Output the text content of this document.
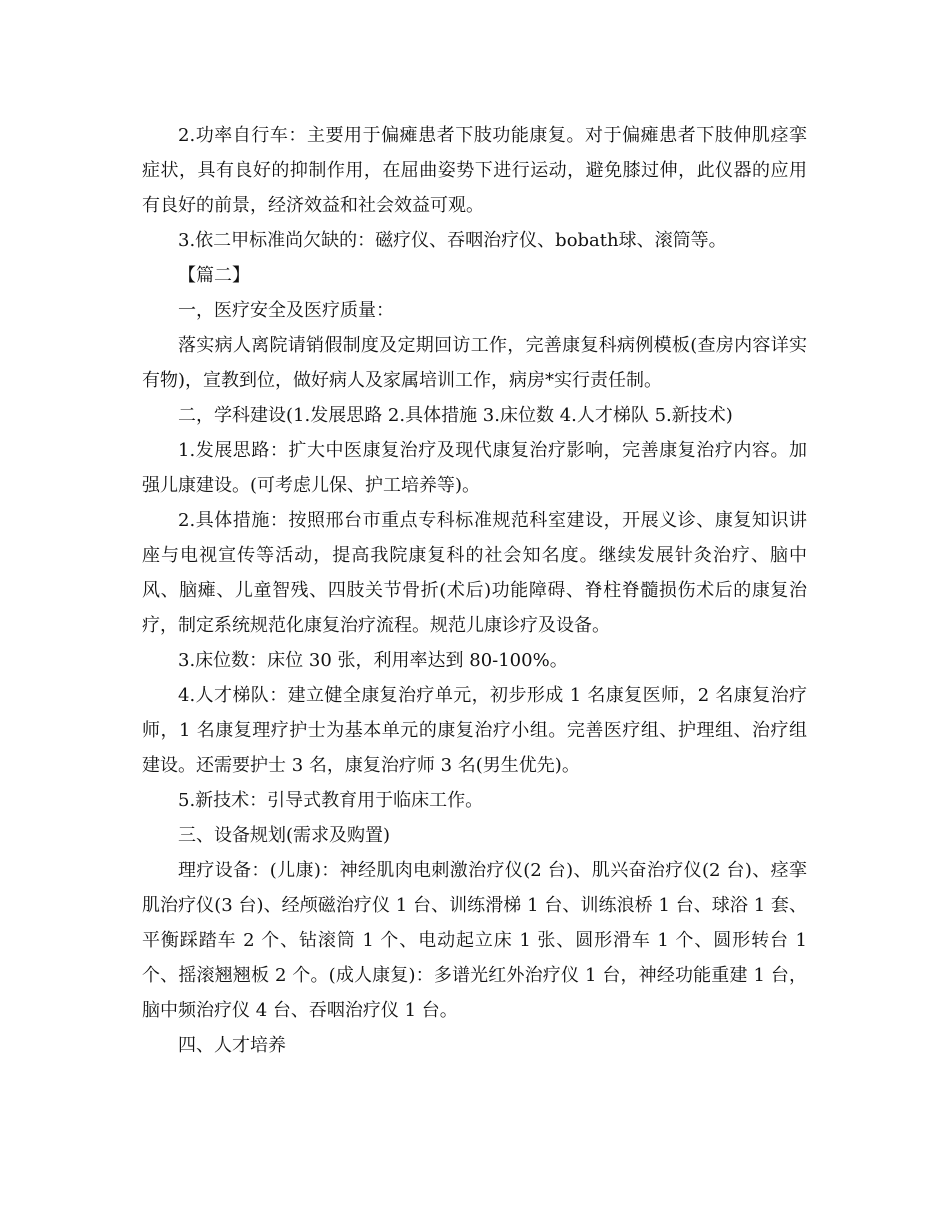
2.功率自行车：主要用于偏瘫患者下肢功能康复。对于偏瘫患者下肢伸肌痉挛症状，具有良好的抑制作用，在屈曲姿势下进行运动，避免膝过伸，此仪器的应用有良好的前景，经济效益和社会效益可观。

3.依二甲标准尚欠缺的：磁疗仪、吞咽治疗仪、bobath球、滚筒等。

【篇二】

一，医疗安全及医疗质量：

落实病人离院请销假制度及定期回访工作，完善康复科病例模板(查房内容详实有物)，宣教到位，做好病人及家属培训工作，病房*实行责任制。

二，学科建设(1.发展思路 2.具体措施 3.床位数 4.人才梯队 5.新技术)

1.发展思路：扩大中医康复治疗及现代康复治疗影响，完善康复治疗内容。加强儿康建设。(可考虑儿保、护工培养等)。

2.具体措施：按照邢台市重点专科标准规范科室建设，开展义诊、康复知识讲座与电视宣传等活动，提高我院康复科的社会知名度。继续发展针灸治疗、脑中风、脑瘫、儿童智残、四肢关节骨折(术后)功能障碍、脊柱脊髓损伤术后的康复治疗，制定系统规范化康复治疗流程。规范儿康诊疗及设备。

3.床位数：床位 30 张，利用率达到 80-100%。

4.人才梯队：建立健全康复治疗单元，初步形成 1 名康复医师，2 名康复治疗师，1 名康复理疗护士为基本单元的康复治疗小组。完善医疗组、护理组、治疗组建设。还需要护士 3 名，康复治疗师 3 名(男生优先)。

5.新技术：引导式教育用于临床工作。

三、设备规划(需求及购置)

理疗设备：(儿康)：神经肌肉电刺激治疗仪(2 台)、肌兴奋治疗仪(2 台)、痉挛肌治疗仪(3 台)、经颅磁治疗仪 1 台、训练滑梯 1 台、训练浪桥 1 台、球浴 1 套、平衡踩踏车 2 个、钻滚筒 1 个、电动起立床 1 张、圆形滑车 1 个、圆形转台 1 个、摇滚翘翘板 2 个。(成人康复)：多谱光红外治疗仪 1 台，神经功能重建 1 台，脑中频治疗仪 4 台、吞咽治疗仪 1 台。

四、人才培养
